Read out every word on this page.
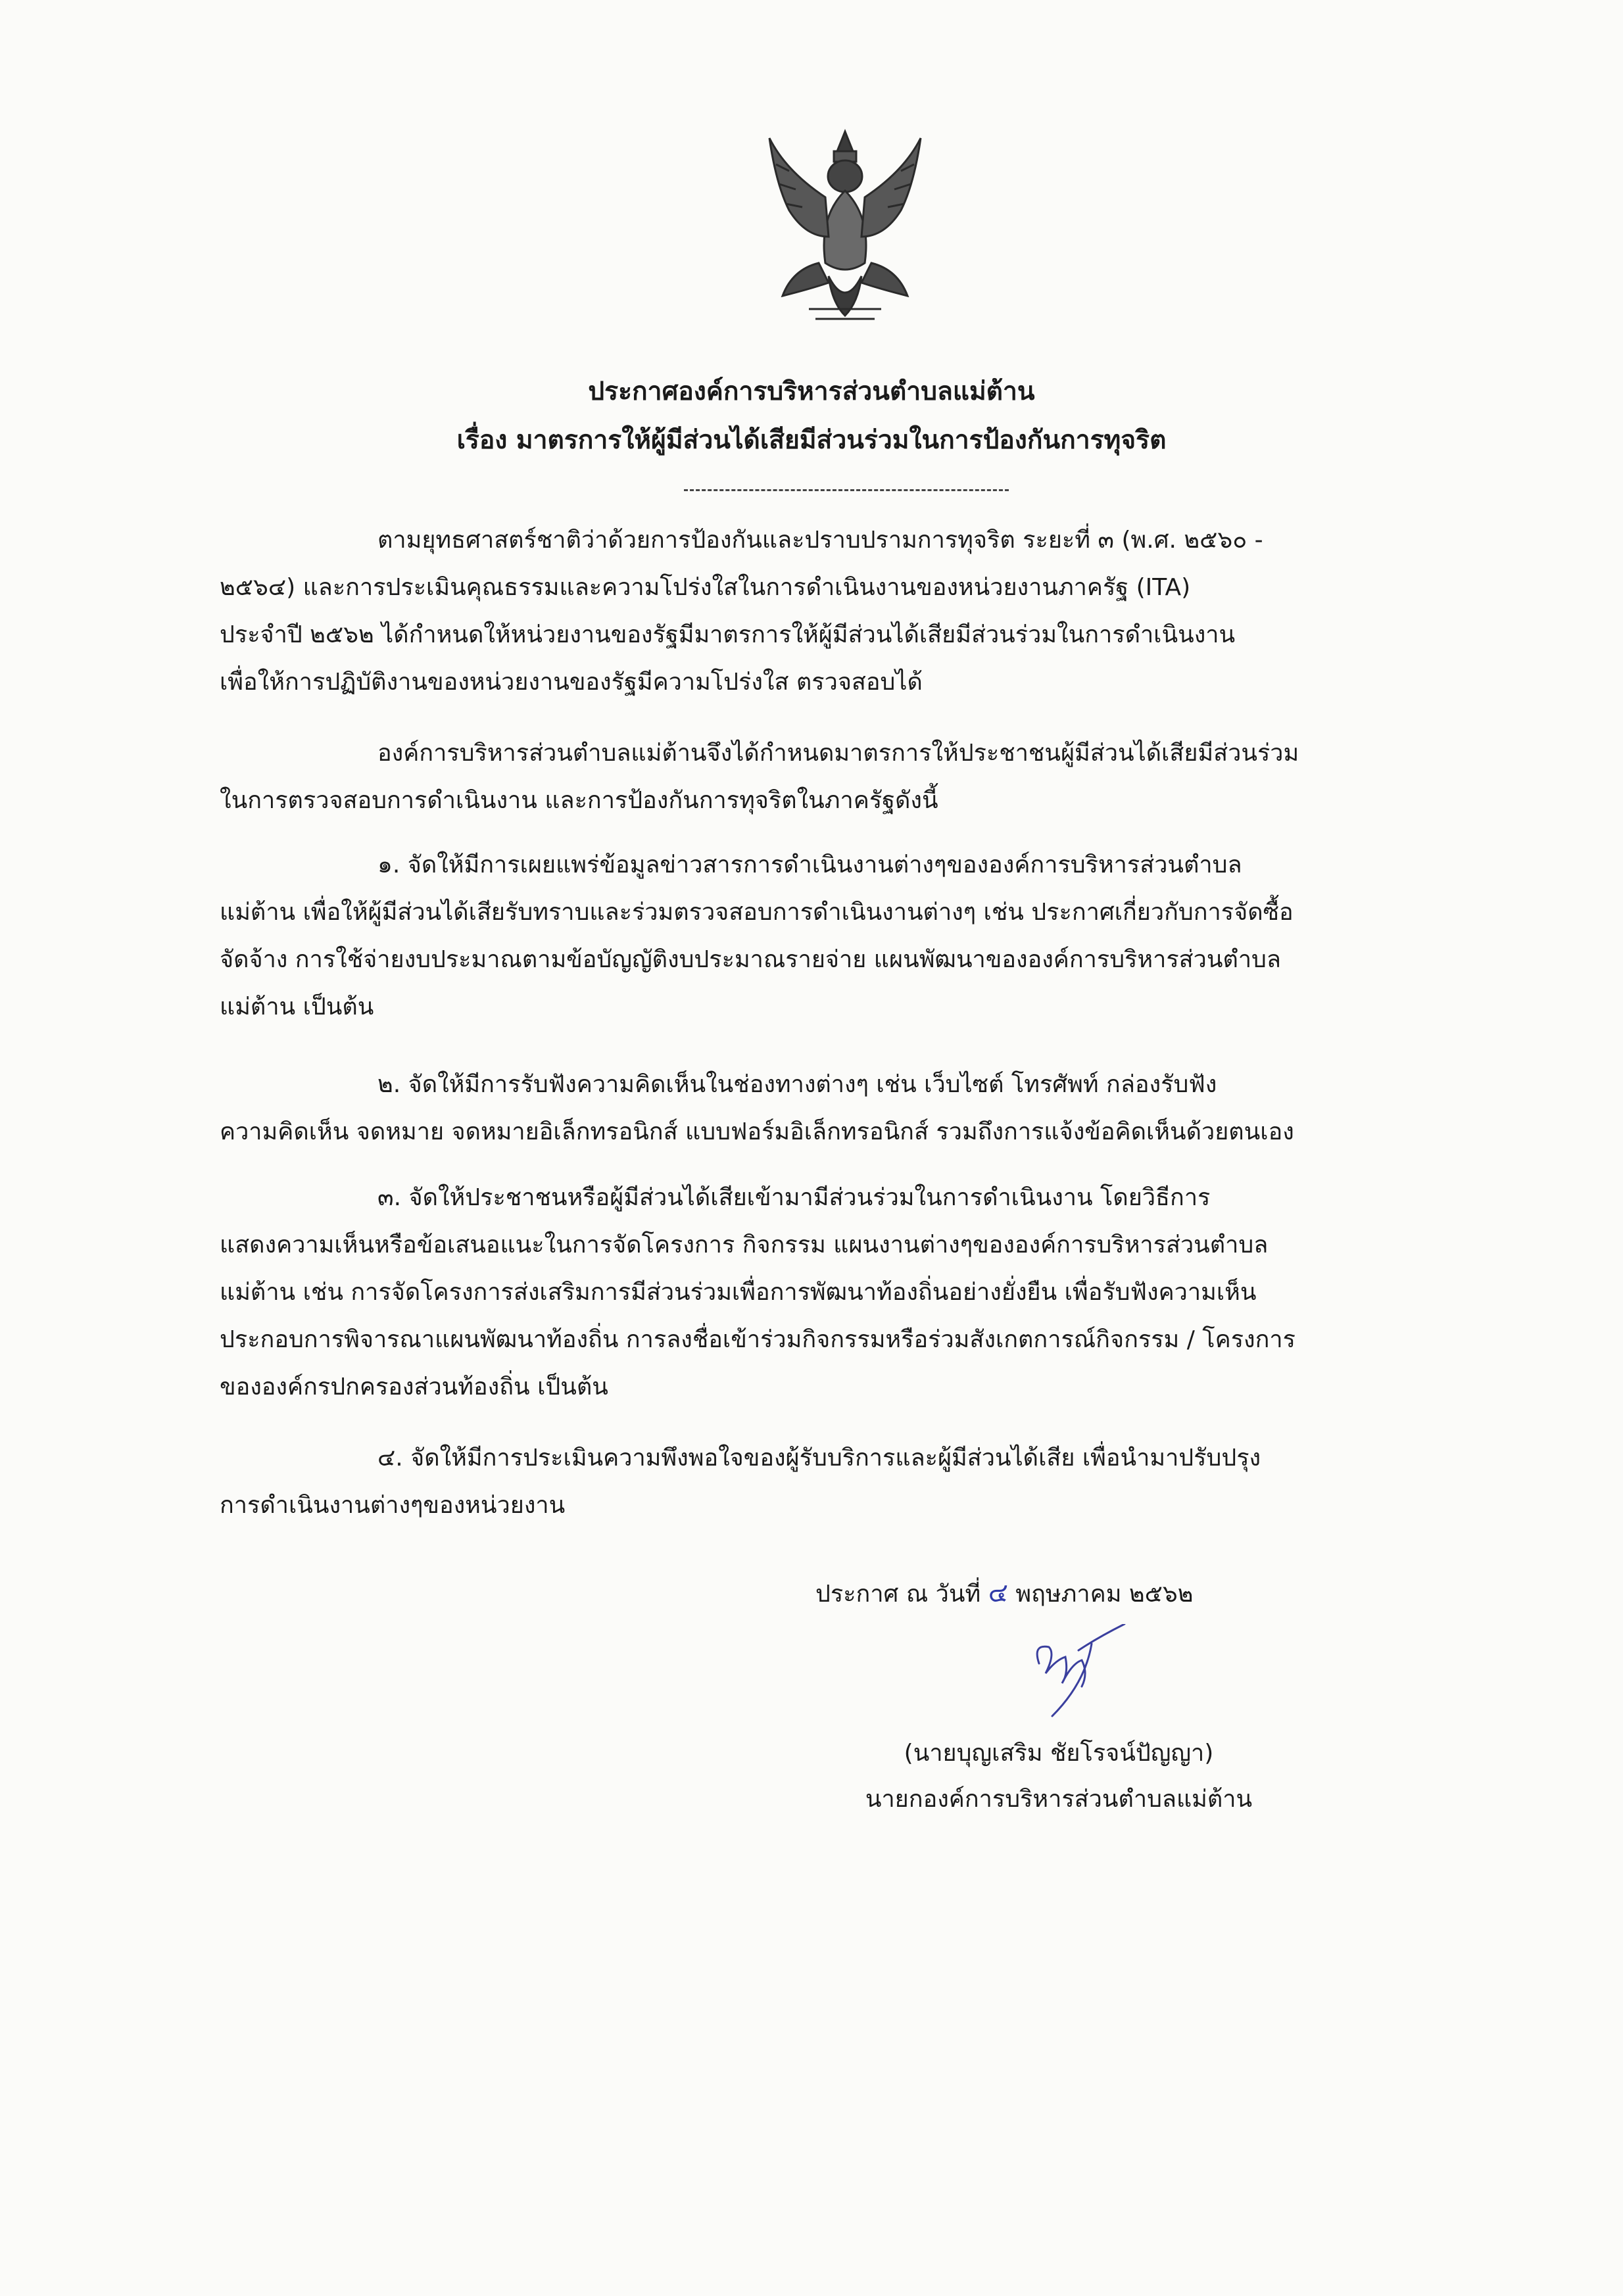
ประกาศองค์การบริหารส่วนตำบลแม่ต้าน
เรื่อง มาตรการให้ผู้มีส่วนได้เสียมีส่วนร่วมในการป้องกันการทุจริต
ตามยุทธศาสตร์ชาติว่าด้วยการป้องกันและปราบปรามการทุจริต ระยะที่ ๓ (พ.ศ. ๒๕๖๐ -
๒๕๖๔) และการประเมินคุณธรรมและความโปร่งใสในการดำเนินงานของหน่วยงานภาครัฐ (ITA)
ประจำปี ๒๕๖๒ ได้กำหนดให้หน่วยงานของรัฐมีมาตรการให้ผู้มีส่วนได้เสียมีส่วนร่วมในการดำเนินงาน
เพื่อให้การปฏิบัติงานของหน่วยงานของรัฐมีความโปร่งใส ตรวจสอบได้
องค์การบริหารส่วนตำบลแม่ต้านจึงได้กำหนดมาตรการให้ประชาชนผู้มีส่วนได้เสียมีส่วนร่วม
ในการตรวจสอบการดำเนินงาน และการป้องกันการทุจริตในภาครัฐดังนี้
๑. จัดให้มีการเผยแพร่ข้อมูลข่าวสารการดำเนินงานต่างๆขององค์การบริหารส่วนตำบล
แม่ต้าน เพื่อให้ผู้มีส่วนได้เสียรับทราบและร่วมตรวจสอบการดำเนินงานต่างๆ เช่น ประกาศเกี่ยวกับการจัดซื้อ
จัดจ้าง การใช้จ่ายงบประมาณตามข้อบัญญัติงบประมาณรายจ่าย แผนพัฒนาขององค์การบริหารส่วนตำบล
แม่ต้าน เป็นต้น
๒. จัดให้มีการรับฟังความคิดเห็นในช่องทางต่างๆ เช่น เว็บไซต์ โทรศัพท์ กล่องรับฟัง
ความคิดเห็น จดหมาย จดหมายอิเล็กทรอนิกส์ แบบฟอร์มอิเล็กทรอนิกส์ รวมถึงการแจ้งข้อคิดเห็นด้วยตนเอง
๓. จัดให้ประชาชนหรือผู้มีส่วนได้เสียเข้ามามีส่วนร่วมในการดำเนินงาน โดยวิธีการ
แสดงความเห็นหรือข้อเสนอแนะในการจัดโครงการ กิจกรรม แผนงานต่างๆขององค์การบริหารส่วนตำบล
แม่ต้าน เช่น การจัดโครงการส่งเสริมการมีส่วนร่วมเพื่อการพัฒนาท้องถิ่นอย่างยั่งยืน เพื่อรับฟังความเห็น
ประกอบการพิจารณาแผนพัฒนาท้องถิ่น การลงชื่อเข้าร่วมกิจกรรมหรือร่วมสังเกตการณ์กิจกรรม / โครงการ
ขององค์กรปกครองส่วนท้องถิ่น เป็นต้น
๔. จัดให้มีการประเมินความพึงพอใจของผู้รับบริการและผู้มีส่วนได้เสีย เพื่อนำมาปรับปรุง
การดำเนินงานต่างๆของหน่วยงาน
ประกาศ ณ วันที่ ๔ พฤษภาคม ๒๕๖๒
(นายบุญเสริม ชัยโรจน์ปัญญา)
นายกองค์การบริหารส่วนตำบลแม่ต้าน
